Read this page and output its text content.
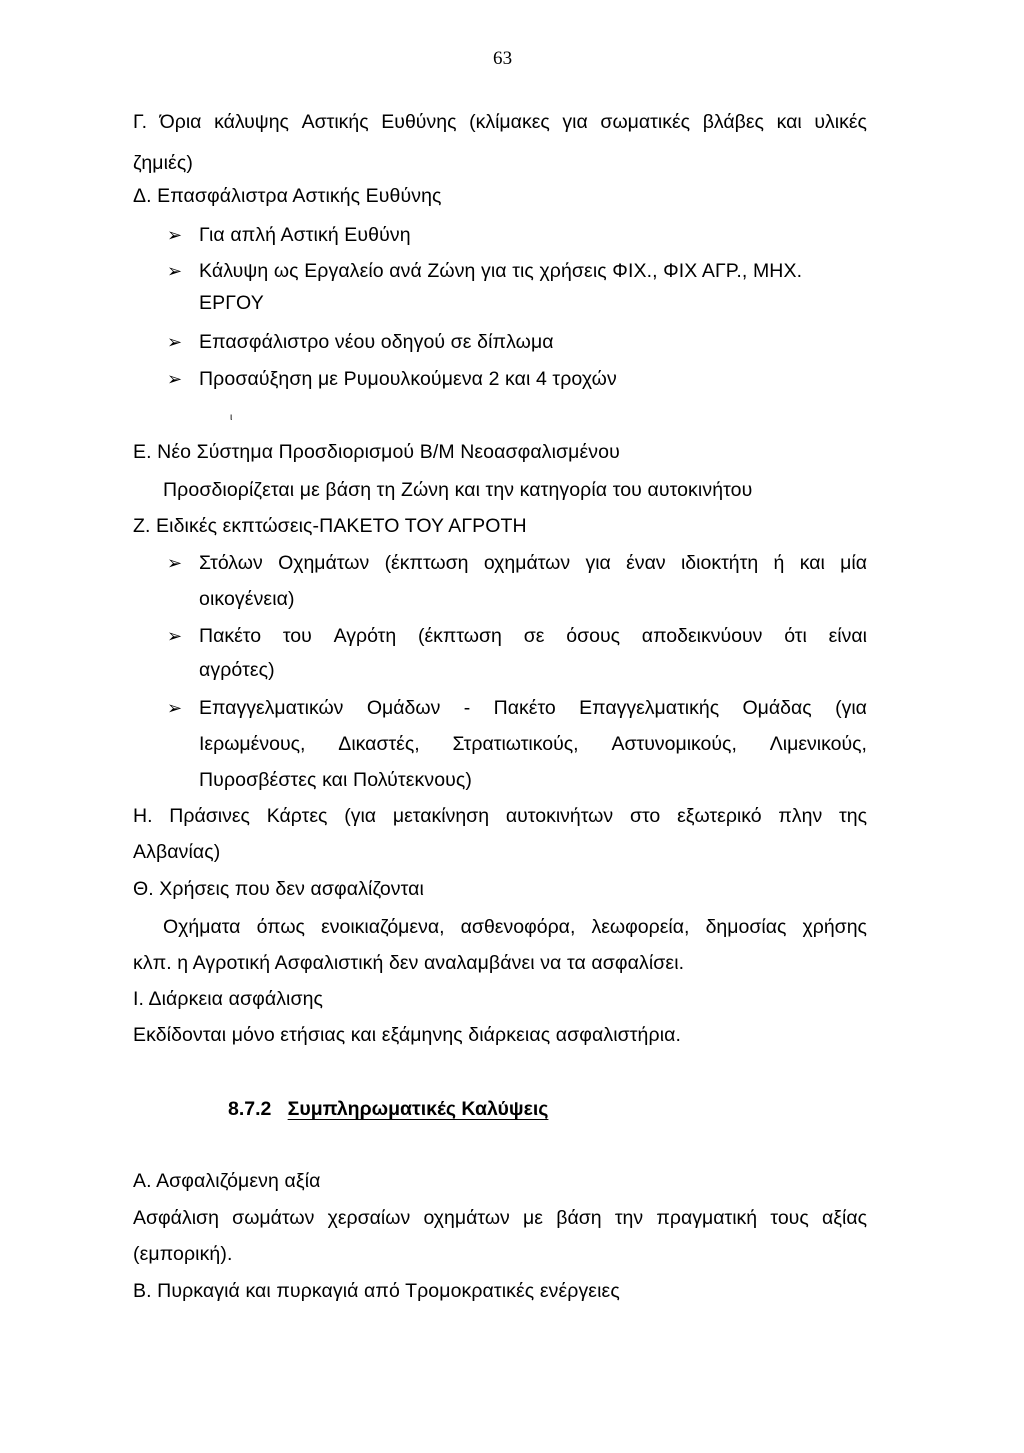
63
Γ. Όρια κάλυψης Αστικής Ευθύνης (κλίμακες για σωματικές βλάβες και υλικές
ζημιές)
Δ. Επασφάλιστρα Αστικής Ευθύνης
➢ Για απλή Αστική Ευθύνη
➢ Κάλυψη ως Εργαλείο ανά Ζώνη για τις χρήσεις ΦΙΧ., ΦΙΧ ΑΓΡ., ΜΗΧ.
ΕΡΓΟΥ
➢ Επασφάλιστρο νέου οδηγού σε δίπλωμα
➢ Προσαύξηση με Ρυμουλκούμενα 2 και 4 τροχών
ι
Ε. Νέο Σύστημα Προσδιορισμού Β/Μ Νεοασφαλισμένου
Προσδιορίζεται με βάση τη Ζώνη και την κατηγορία του αυτοκινήτου
Ζ. Ειδικές εκπτώσεις-ΠΑΚΕΤΟ ΤΟΥ ΑΓΡΟΤΗ
➢ Στόλων Οχημάτων (έκπτωση οχημάτων για έναν ιδιοκτήτη ή και μία
οικογένεια)
➢ Πακέτο του Αγρότη (έκπτωση σε όσους αποδεικνύουν ότι είναι
αγρότες)
➢ Επαγγελματικών Ομάδων - Πακέτο Επαγγελματικής Ομάδας (για
Ιερωμένους, Δικαστές, Στρατιωτικούς, Αστυνομικούς, Λιμενικούς,
Πυροσβέστες και Πολύτεκνους)
Η. Πράσινες Κάρτες (για μετακίνηση αυτοκινήτων στο εξωτερικό πλην της
Αλβανίας)
Θ. Χρήσεις που δεν ασφαλίζονται
Οχήματα όπως ενοικιαζόμενα, ασθενοφόρα, λεωφορεία, δημοσίας χρήσης
κλπ. η Αγροτική Ασφαλιστική δεν αναλαμβάνει να τα ασφαλίσει.
Ι. Διάρκεια ασφάλισης
Εκδίδονται μόνο ετήσιας και εξάμηνης διάρκειας ασφαλιστήρια.
8.7.2 Συμπληρωματικές Καλύψεις
Α. Ασφαλιζόμενη αξία
Ασφάλιση σωμάτων χερσαίων οχημάτων με βάση την πραγματική τους αξίας
(εμπορική).
Β. Πυρκαγιά και πυρκαγιά από Τρομοκρατικές ενέργειες
